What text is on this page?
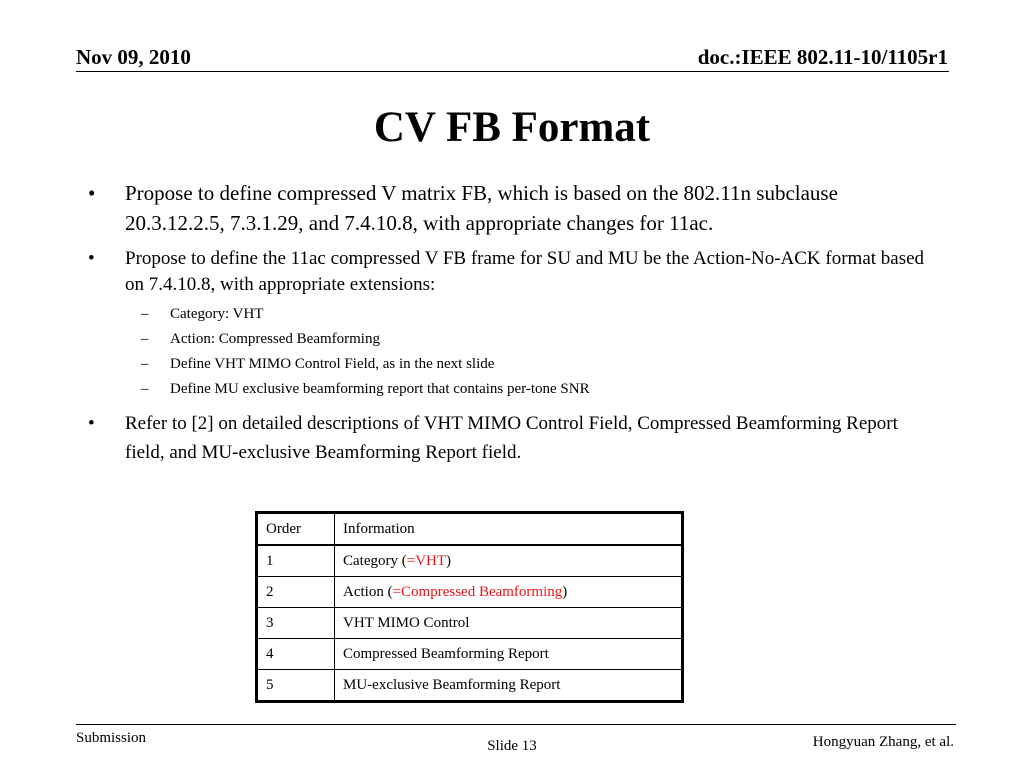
Nov 09, 2010	doc.:IEEE 802.11-10/1105r1
CV FB Format
• Propose to define compressed V matrix FB, which is based on the 802.11n subclause 20.3.12.2.5, 7.3.1.29, and 7.4.10.8, with appropriate changes for 11ac.
• Propose to define the 11ac compressed V FB frame for SU and MU be the Action-No-ACK format based on 7.4.10.8, with appropriate extensions:
– Category: VHT
– Action: Compressed Beamforming
– Define VHT MIMO Control Field, as in the next slide
– Define MU exclusive beamforming report that contains per-tone SNR
• Refer to [2] on detailed descriptions of VHT MIMO Control Field, Compressed Beamforming Report field, and MU-exclusive Beamforming Report field.
Order	Information
1	Category (=VHT)
2	Action (=Compressed Beamforming)
3	VHT MIMO Control
4	Compressed Beamforming Report
5	MU-exclusive Beamforming Report
Submission	Slide 13	Hongyuan Zhang, et al.
